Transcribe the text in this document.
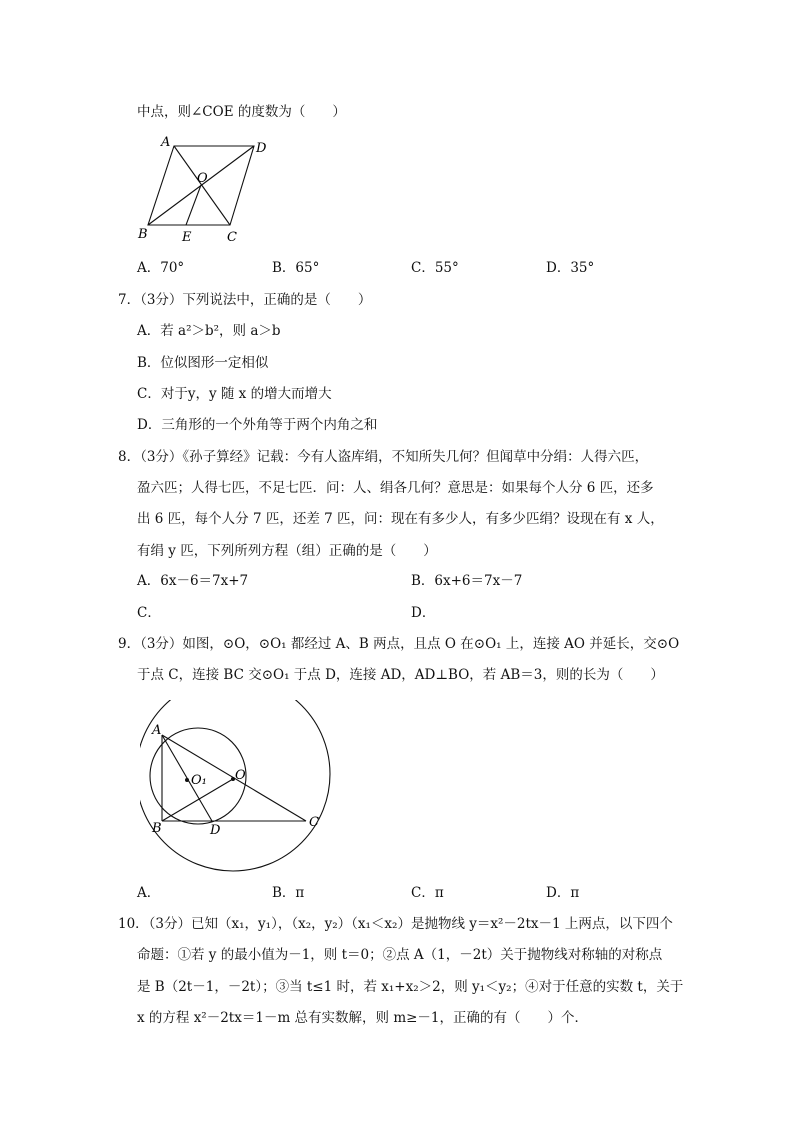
中点，则∠COE 的度数为（　　）
A	D
O
B	E	C
A．70°	B．65°	C．55°	D．35°
7．（3分）下列说法中，正确的是（　　）
A．若 a²＞b²，则 a＞b
B．位似图形一定相似
C．对于y，y 随 x 的增大而增大
D．三角形的一个外角等于两个内角之和
8．（3分）《孙子算经》记载：今有人盗库绢，不知所失几何？但闻草中分绢：人得六匹，
盈六匹；人得七匹，不足七匹．问：人、绢各几何？意思是：如果每个人分 6 匹，还多
出 6 匹，每个人分 7 匹，还差 7 匹，问：现在有多少人，有多少匹绢？设现在有 x 人，
有绢 y 匹，下列所列方程（组）正确的是（　　）
A．6x－6＝7x+7	B．6x+6＝7x－7
C．	D．
9．（3分）如图，⊙O，⊙O₁ 都经过 A、B 两点，且点 O 在⊙O₁ 上，连接 AO 并延长，交⊙O
于点 C，连接 BC 交⊙O₁ 于点 D，连接 AD，AD⊥BO，若 AB＝3，则的长为（　　）
A
O₁ O
B	D
C
A．	B．π	C．π	D．π
10．（3分）已知（x₁，y₁），（x₂，y₂）（x₁＜x₂）是抛物线 y＝x²－2tx－1 上两点，以下四个
命题：①若 y 的最小值为－1，则 t＝0；②点 A（1，－2t）关于抛物线对称轴的对称点
是 B（2t－1，－2t）；③当 t≤1 时，若 x₁+x₂＞2，则 y₁＜y₂；④对于任意的实数 t，关于
x 的方程 x²－2tx＝1－m 总有实数解，则 m≥－1，正确的有（　　）个．
